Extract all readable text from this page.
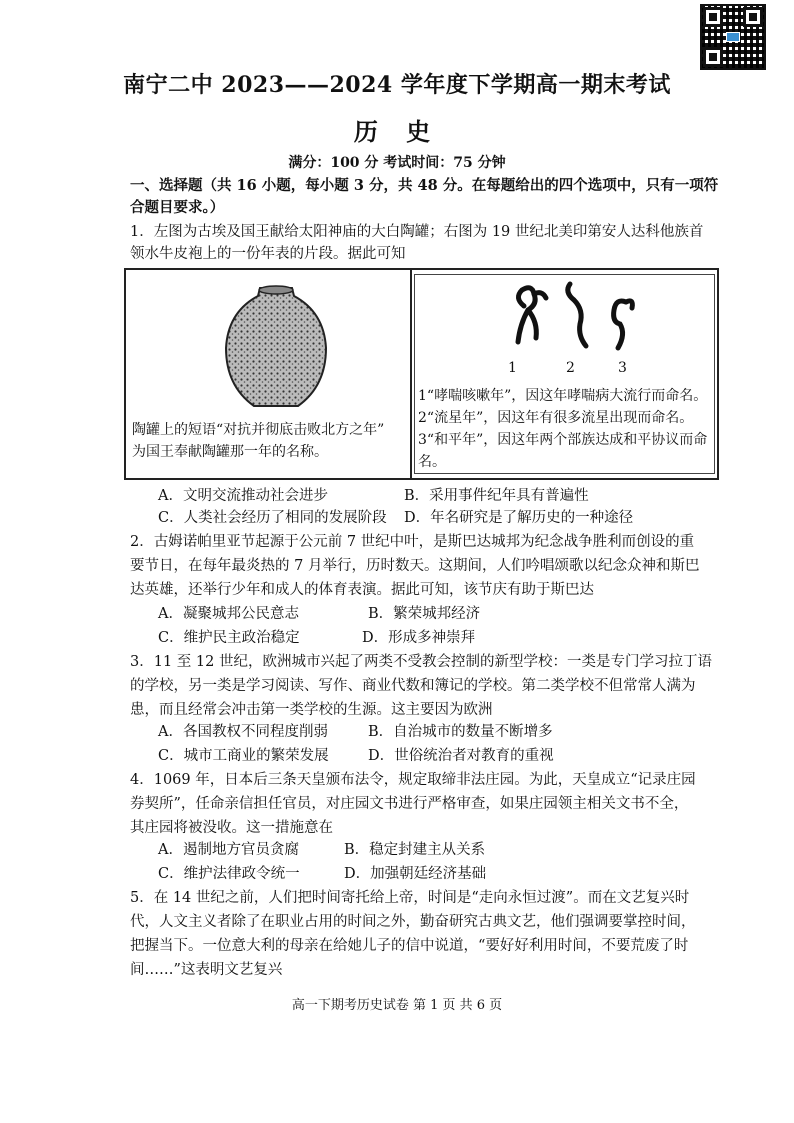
南宁二中 2023——2024 学年度下学期高一期末考试
历 史
满分：100 分 考试时间：75 分钟
一、选择题（共 16 小题，每小题 3 分，共 48 分。在每题给出的四个选项中，只有一项符
合题目要求。）
1．左图为古埃及国王献给太阳神庙的大白陶罐；右图为 19 世纪北美印第安人达科他族首
领水牛皮袍上的一份年表的片段。据此可知
陶罐上的短语“对抗并彻底击败北方之年”
为国王奉献陶罐那一年的名称。
1	2	3
1“哮喘咳嗽年”，因这年哮喘病大流行而命名。
2“流星年”，因这年有很多流星出现而命名。
3“和平年”，因这年两个部族达成和平协议而命
名。
A．文明交流推动社会进步	B．采用事件纪年具有普遍性
C．人类社会经历了相同的发展阶段 D．年名研究是了解历史的一种途径
2．古姆诺帕里亚节起源于公元前 7 世纪中叶，是斯巴达城邦为纪念战争胜利而创设的重
要节日，在每年最炎热的 7 月举行，历时数天。这期间，人们吟唱颂歌以纪念众神和斯巴
达英雄，还举行少年和成人的体育表演。据此可知，该节庆有助于斯巴达
A．凝聚城邦公民意志	B．繁荣城邦经济
C．维护民主政治稳定	D．形成多神崇拜
3．11 至 12 世纪，欧洲城市兴起了两类不受教会控制的新型学校：一类是专门学习拉丁语
的学校，另一类是学习阅读、写作、商业代数和簿记的学校。第二类学校不但常常人满为
患，而且经常会冲击第一类学校的生源。这主要因为欧洲
A．各国教权不同程度削弱	B．自治城市的数量不断增多
C．城市工商业的繁荣发展	D．世俗统治者对教育的重视
4．1069 年，日本后三条天皇颁布法令，规定取缔非法庄园。为此，天皇成立“记录庄园
券契所”，任命亲信担任官员，对庄园文书进行严格审查，如果庄园领主相关文书不全，
其庄园将被没收。这一措施意在
A．遏制地方官员贪腐	B．稳定封建主从关系
C．维护法律政令统一	D．加强朝廷经济基础
5．在 14 世纪之前，人们把时间寄托给上帝，时间是“走向永恒过渡”。而在文艺复兴时
代，人文主义者除了在职业占用的时间之外，勤奋研究古典文艺，他们强调要掌控时间，
把握当下。一位意大利的母亲在给她儿子的信中说道，“要好好利用时间，不要荒废了时
间……”这表明文艺复兴
高一下期考历史试卷 第 1 页 共 6 页
